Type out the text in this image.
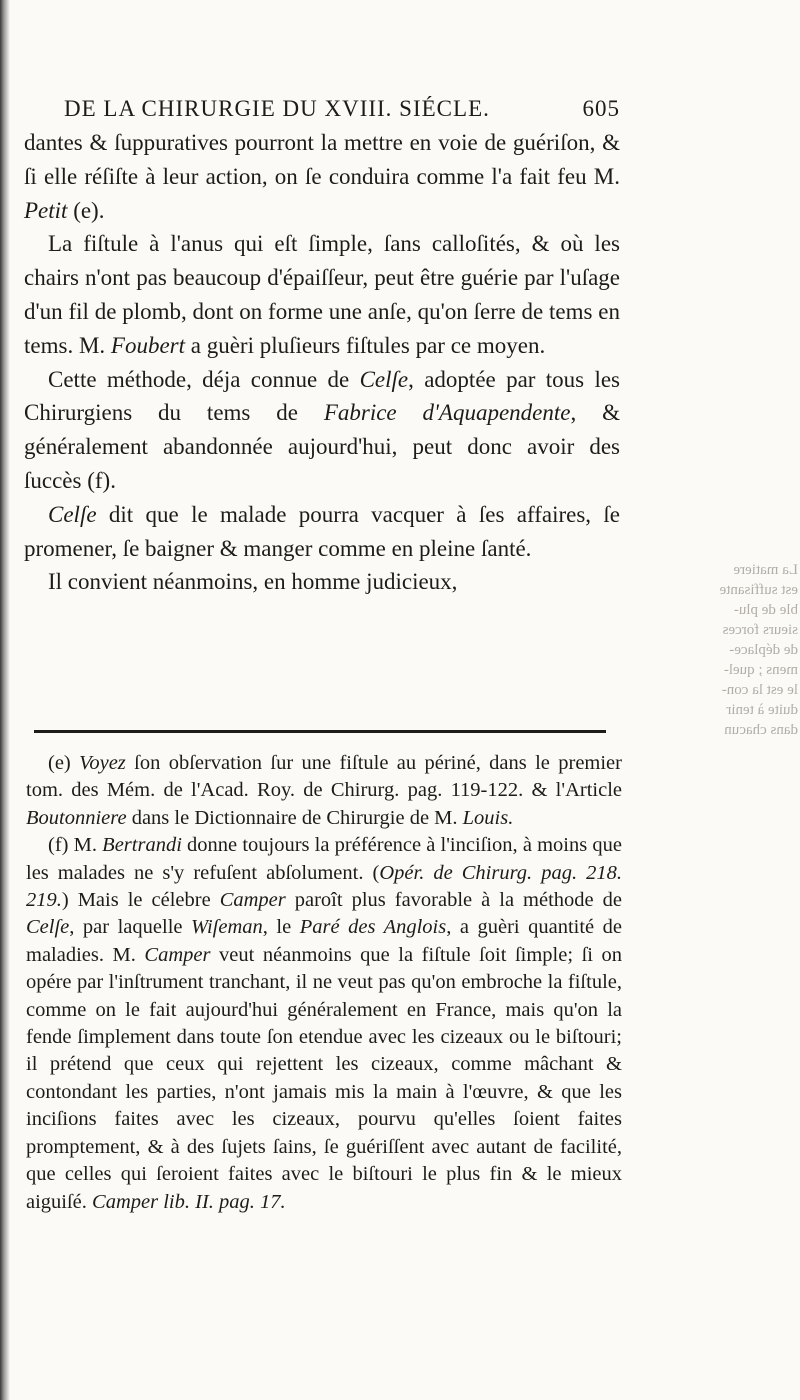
La matiere
est suffisante
ble de plu-
sieurs forces
de déplace-
mens ; quel-
le est la con-
duite à tenir
dans chacun
DE LA CHIRURGIE DU XVIII. SIÉCLE.	605

dantes & ſuppuratives pourront la mettre en voie de guériſon, & ſi elle réſiſte à leur action, on ſe conduira comme l'a fait feu M. Petit (e).

La fiſtule à l'anus qui eſt ſimple, ſans calloſités, & où les chairs n'ont pas beaucoup d'épaiſſeur, peut être guérie par l'uſage d'un fil de plomb, dont on forme une anſe, qu'on ſerre de tems en tems. M. Foubert a guèri pluſieurs fiſtules par ce moyen.

Cette méthode, déja connue de Celſe, adoptée par tous les Chirurgiens du tems de Fabrice d'Aquapendente, & généralement abandonnée aujourd'hui, peut donc avoir des ſuccès (f).

Celſe dit que le malade pourra vacquer à ſes affaires, ſe promener, ſe baigner & manger comme en pleine ſanté.

Il convient néanmoins, en homme judicieux,

(e) Voyez ſon obſervation ſur une fiſtule au périné, dans le premier tom. des Mém. de l'Acad. Roy. de Chirurg. pag. 119-122. & l'Article Boutonniere dans le Dictionnaire de Chirurgie de M. Louis.

(f) M. Bertrandi donne toujours la préférence à l'inciſion, à moins que les malades ne s'y refuſent abſolument. (Opér. de Chirurg. pag. 218. 219.) Mais le célebre Camper paroît plus favorable à la méthode de Celſe, par laquelle Wiſeman, le Paré des Anglois, a guèri quantité de maladies. M. Camper veut néanmoins que la fiſtule ſoit ſimple; ſi on opére par l'inſtrument tranchant, il ne veut pas qu'on embroche la fiſtule, comme on le fait aujourd'hui généralement en France, mais qu'on la fende ſimplement dans toute ſon etendue avec les cizeaux ou le biſtouri; il prétend que ceux qui rejettent les cizeaux, comme mâchant & contondant les parties, n'ont jamais mis la main à l'œuvre, & que les inciſions faites avec les cizeaux, pourvu qu'elles ſoient faites promptement, & à des ſujets ſains, ſe guériſſent avec autant de facilité, que celles qui ſeroient faites avec le biſtouri le plus fin & le mieux aiguiſé. Camper lib. II. pag. 17.
